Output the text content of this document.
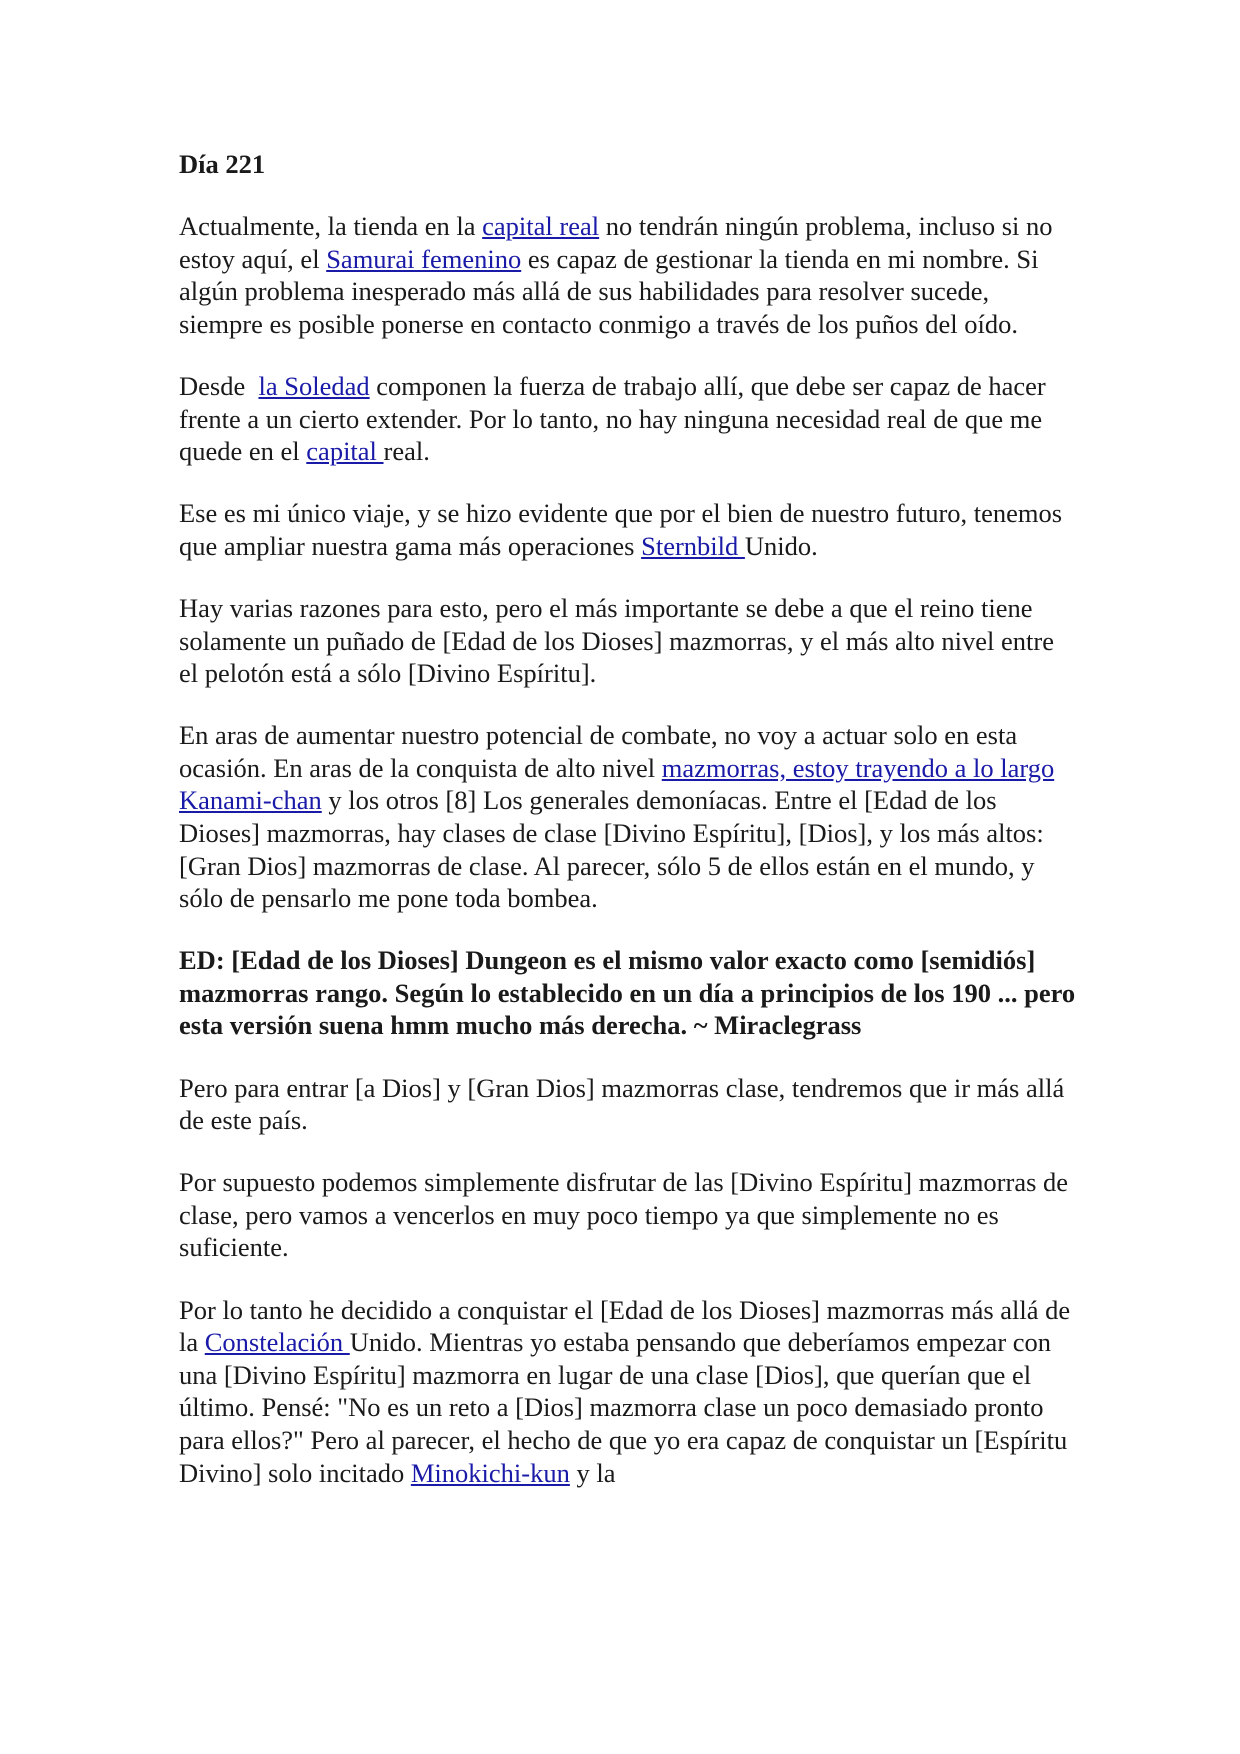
Día 221

Actualmente, la tienda en la capital real no tendrán ningún problema, incluso si no estoy aquí, el Samurai femenino es capaz de gestionar la tienda en mi nombre. Si algún problema inesperado más allá de sus habilidades para resolver sucede, siempre es posible ponerse en contacto conmigo a través de los puños del oído.

Desde  la Soledad componen la fuerza de trabajo allí, que debe ser capaz de hacer frente a un cierto extender. Por lo tanto, no hay ninguna necesidad real de que me quede en el capital real.

Ese es mi único viaje, y se hizo evidente que por el bien de nuestro futuro, tenemos que ampliar nuestra gama más operaciones Sternbild Unido.

Hay varias razones para esto, pero el más importante se debe a que el reino tiene solamente un puñado de [Edad de los Dioses] mazmorras, y el más alto nivel entre el pelotón está a sólo [Divino Espíritu].

En aras de aumentar nuestro potencial de combate, no voy a actuar solo en esta ocasión. En aras de la conquista de alto nivel mazmorras, estoy trayendo a lo largo Kanami-chan y los otros [8] Los generales demoníacas. Entre el [Edad de los Dioses] mazmorras, hay clases de clase [Divino Espíritu], [Dios], y los más altos: [Gran Dios] mazmorras de clase. Al parecer, sólo 5 de ellos están en el mundo, y sólo de pensarlo me pone toda bombea.

ED: [Edad de los Dioses] Dungeon es el mismo valor exacto como [semidiós] mazmorras rango. Según lo establecido en un día a principios de los 190 ... pero esta versión suena hmm mucho más derecha. ~ Miraclegrass

Pero para entrar [a Dios] y [Gran Dios] mazmorras clase, tendremos que ir más allá de este país.

Por supuesto podemos simplemente disfrutar de las [Divino Espíritu] mazmorras de clase, pero vamos a vencerlos en muy poco tiempo ya que simplemente no es suficiente.

Por lo tanto he decidido a conquistar el [Edad de los Dioses] mazmorras más allá de la Constelación Unido. Mientras yo estaba pensando que deberíamos empezar con una [Divino Espíritu] mazmorra en lugar de una clase [Dios], que querían que el último. Pensé: "No es un reto a [Dios] mazmorra clase un poco demasiado pronto para ellos?" Pero al parecer, el hecho de que yo era capaz de conquistar un [Espíritu Divino] solo incitado Minokichi-kun y la
